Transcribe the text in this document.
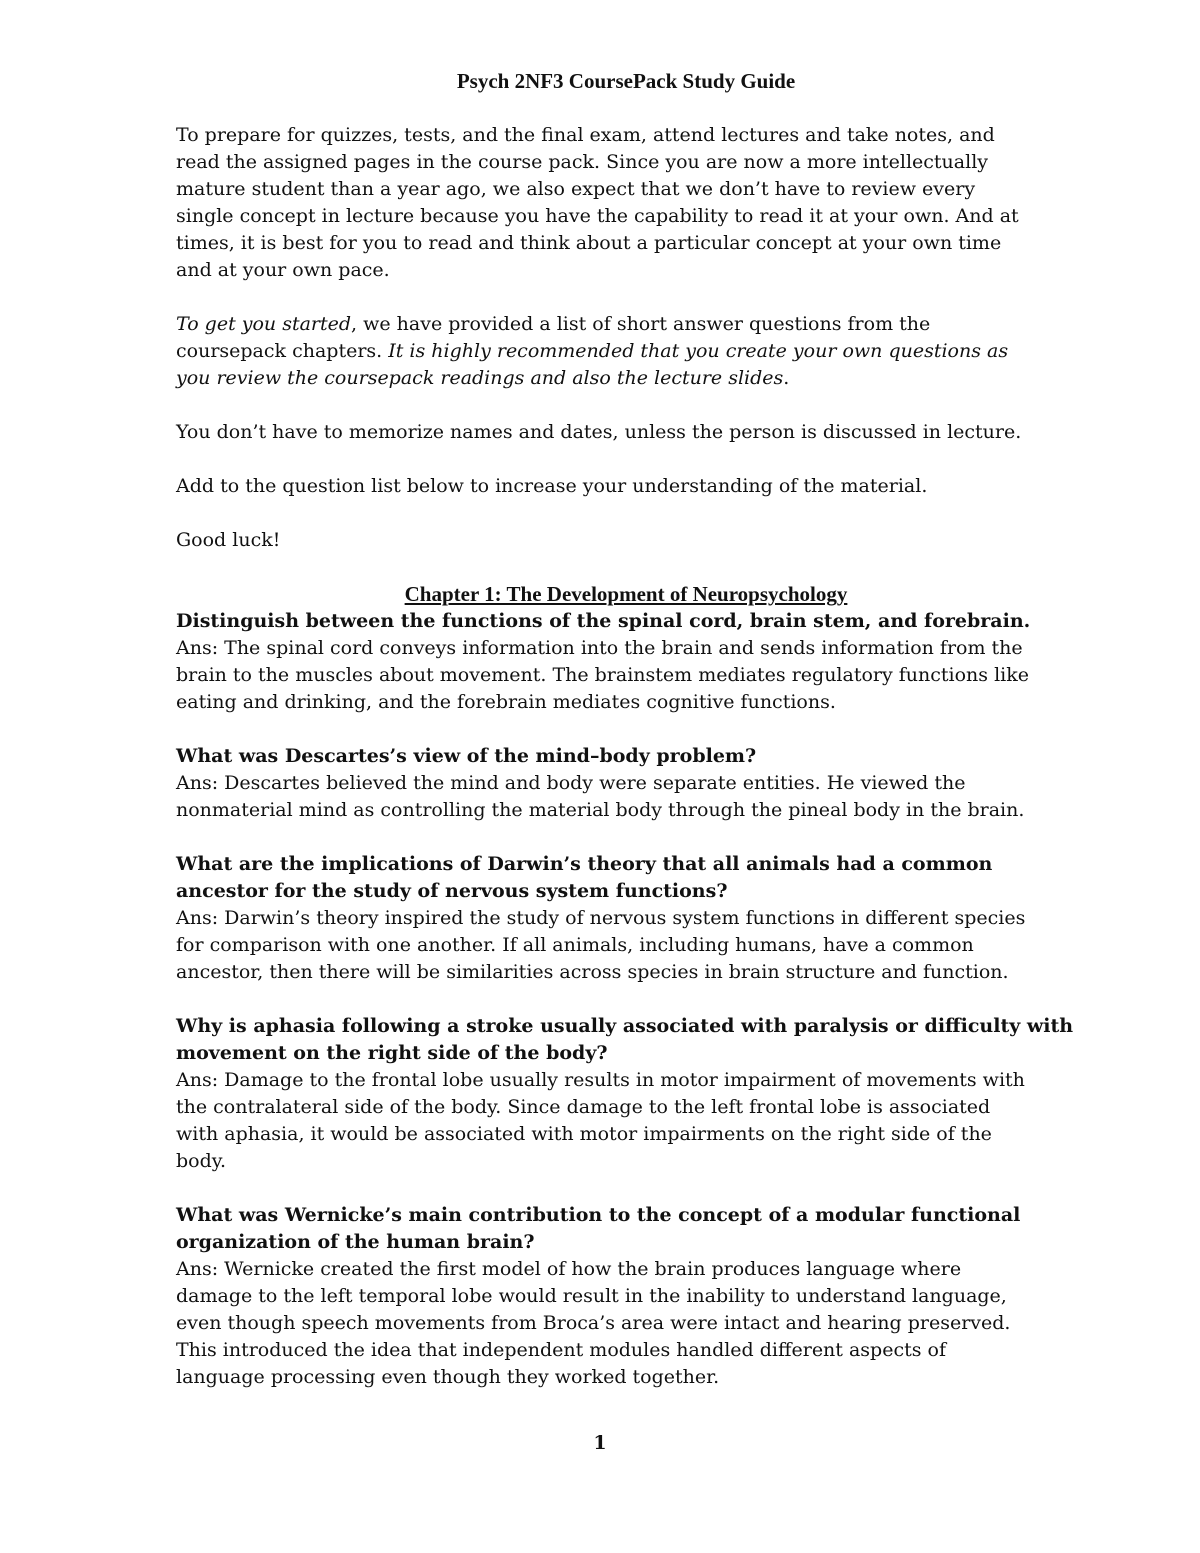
Psych 2NF3 CoursePack Study Guide

To prepare for quizzes, tests, and the final exam, attend lectures and take notes, and read the assigned pages in the course pack. Since you are now a more intellectually mature student than a year ago, we also expect that we don’t have to review every single concept in lecture because you have the capability to read it at your own. And at times, it is best for you to read and think about a particular concept at your own time and at your own pace.

To get you started, we have provided a list of short answer questions from the coursepack chapters. It is highly recommended that you create your own questions as you review the coursepack readings and also the lecture slides.

You don’t have to memorize names and dates, unless the person is discussed in lecture.

Add to the question list below to increase your understanding of the material.

Good luck!

Chapter 1: The Development of Neuropsychology
Distinguish between the functions of the spinal cord, brain stem, and forebrain.
Ans: The spinal cord conveys information into the brain and sends information from the brain to the muscles about movement. The brainstem mediates regulatory functions like eating and drinking, and the forebrain mediates cognitive functions.
What was Descartes’s view of the mind–body problem?
Ans: Descartes believed the mind and body were separate entities. He viewed the nonmaterial mind as controlling the material body through the pineal body in the brain.
What are the implications of Darwin’s theory that all animals had a common ancestor for the study of nervous system functions?
Ans: Darwin’s theory inspired the study of nervous system functions in different species for comparison with one another. If all animals, including humans, have a common ancestor, then there will be similarities across species in brain structure and function.
Why is aphasia following a stroke usually associated with paralysis or difficulty with movement on the right side of the body?
Ans: Damage to the frontal lobe usually results in motor impairment of movements with the contralateral side of the body. Since damage to the left frontal lobe is associated with aphasia, it would be associated with motor impairments on the right side of the body.
What was Wernicke’s main contribution to the concept of a modular functional organization of the human brain?
Ans: Wernicke created the first model of how the brain produces language where damage to the left temporal lobe would result in the inability to understand language, even though speech movements from Broca’s area were intact and hearing preserved. This introduced the idea that independent modules handled different aspects of language processing even though they worked together.
1
